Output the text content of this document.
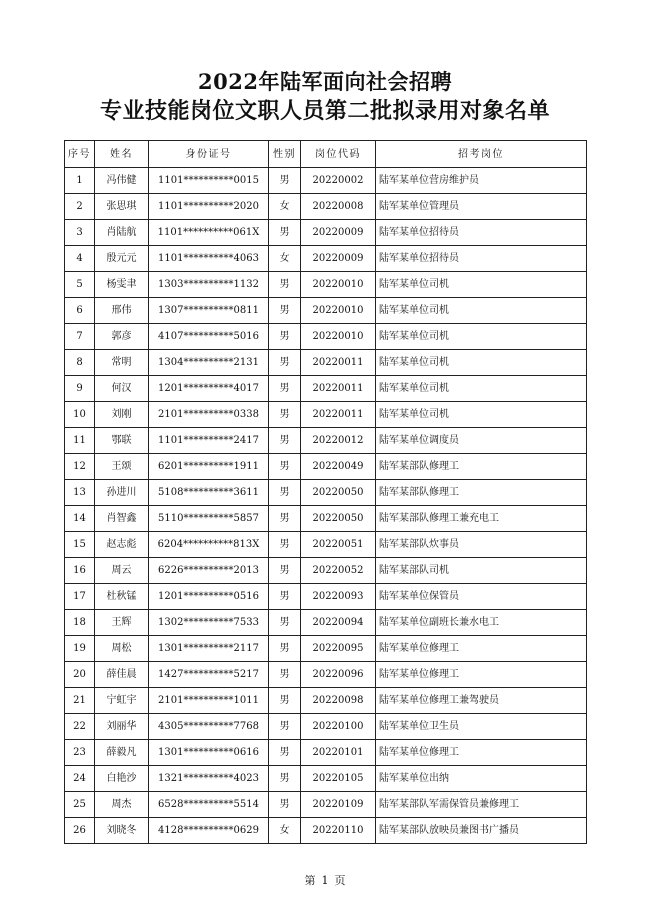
2022年陆军面向社会招聘
专业技能岗位文职人员第二批拟录用对象名单
序号	姓名	身份证号	性别	岗位代码	招考岗位
1	冯伟健	1101**********0015	男	20220002	陆军某单位营房维护员
2	张思琪	1101**********2020	女	20220008	陆军某单位管理员
3	肖陆航	1101**********061X	男	20220009	陆军某单位招待员
4	殷元元	1101**********4063	女	20220009	陆军某单位招待员
5	杨雯聿	1303**********1132	男	20220010	陆军某单位司机
6	邢伟	1307**********0811	男	20220010	陆军某单位司机
7	郭彦	4107**********5016	男	20220010	陆军某单位司机
8	常明	1304**********2131	男	20220011	陆军某单位司机
9	何汉	1201**********4017	男	20220011	陆军某单位司机
10	刘刚	2101**********0338	男	20220011	陆军某单位司机
11	鄂联	1101**********2417	男	20220012	陆军某单位调度员
12	王颂	6201**********1911	男	20220049	陆军某部队修理工
13	孙进川	5108**********3611	男	20220050	陆军某部队修理工
14	肖智鑫	5110**********5857	男	20220050	陆军某部队修理工兼充电工
15	赵志彪	6204**********813X	男	20220051	陆军某部队炊事员
16	周云	6226**********2013	男	20220052	陆军某部队司机
17	杜秋锰	1201**********0516	男	20220093	陆军某单位保管员
18	王辉	1302**********7533	男	20220094	陆军某单位副班长兼水电工
19	周松	1301**********2117	男	20220095	陆军某单位修理工
20	薛佳晨	1427**********5217	男	20220096	陆军某单位修理工
21	宁虹宇	2101**********1011	男	20220098	陆军某单位修理工兼驾驶员
22	刘丽华	4305**********7768	男	20220100	陆军某单位卫生员
23	薛毅凡	1301**********0616	男	20220101	陆军某单位修理工
24	白艳沙	1321**********4023	男	20220105	陆军某单位出纳
25	周杰	6528**********5514	男	20220109	陆军某部队军需保管员兼修理工
26	刘晓冬	4128**********0629	女	20220110	陆军某部队放映员兼图书广播员
第 1 页
